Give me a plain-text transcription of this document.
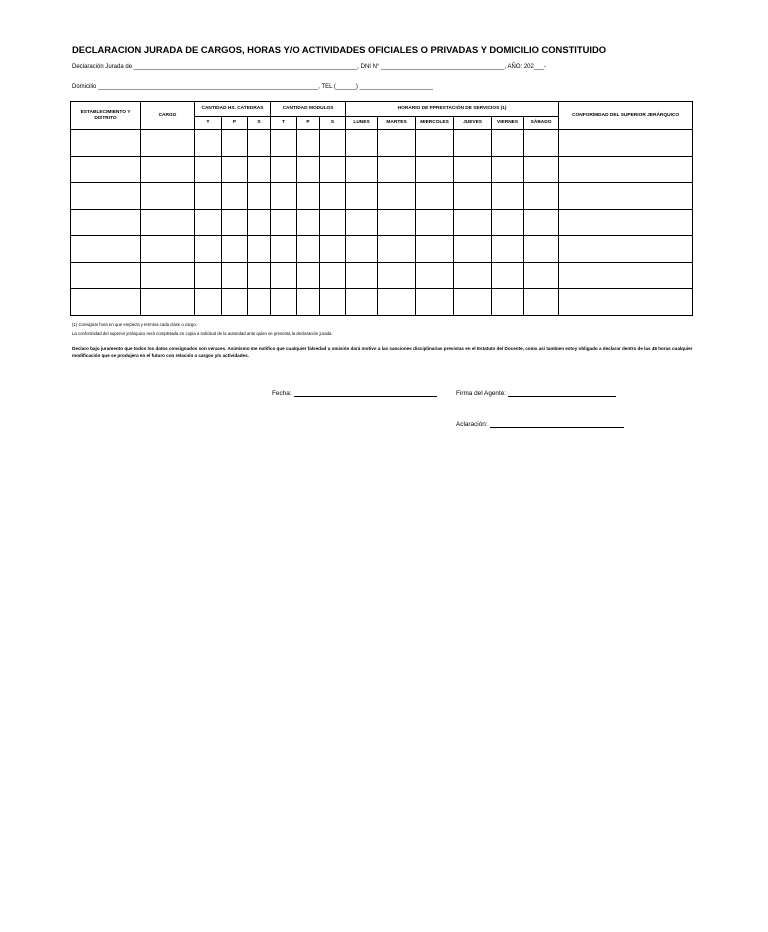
DECLARACION JURADA DE CARGOS, HORAS Y/O ACTIVIDADES OFICIALES O PRIVADAS Y DOMICILIO CONSTITUIDO
Declaración Jurada de ___________________________________________________________________, DNI N° _____________________________________, AÑO: 202___-
Domicilio __________________________________________________________________, TEL (______) ______________________
ESTABLECIMIENTO Y
DISTRITO	CARGO	CANTIDAD HS. CATEDRAS			CANTIDAD MODULOS			HORARIO DE PPRESTACIÓN DE SERVICIOS (1)						CONFORMIDAD DEL SUPERIOR JERÁRQUICO
		T	P	S	T	P	S	LUNES	MARTES	MIERCOLES	JUEVES	VIERNES	SÁBADO	

(1) Consignar hora en que empieza y termina cada clase o cargo.
La conformidad del superior jerárquico será completada en copia a solicitud de la autoridad ante quien se presenta la declaración jurada.
Declaro bajo juramento que todos los datos consignados son veraces. Asimismo me notifico que cualquier falsedad u omisión dará motivo a las sanciones disciplinarias previstas en el Estatuto del Docente, como así tambien estoy obligado a declarar dentro de las 48 horas cualquier modificación que se produjera en el futuro con relación a cargos y/o actividades.
Fecha:	Firma del Agente:
Aclaración:
